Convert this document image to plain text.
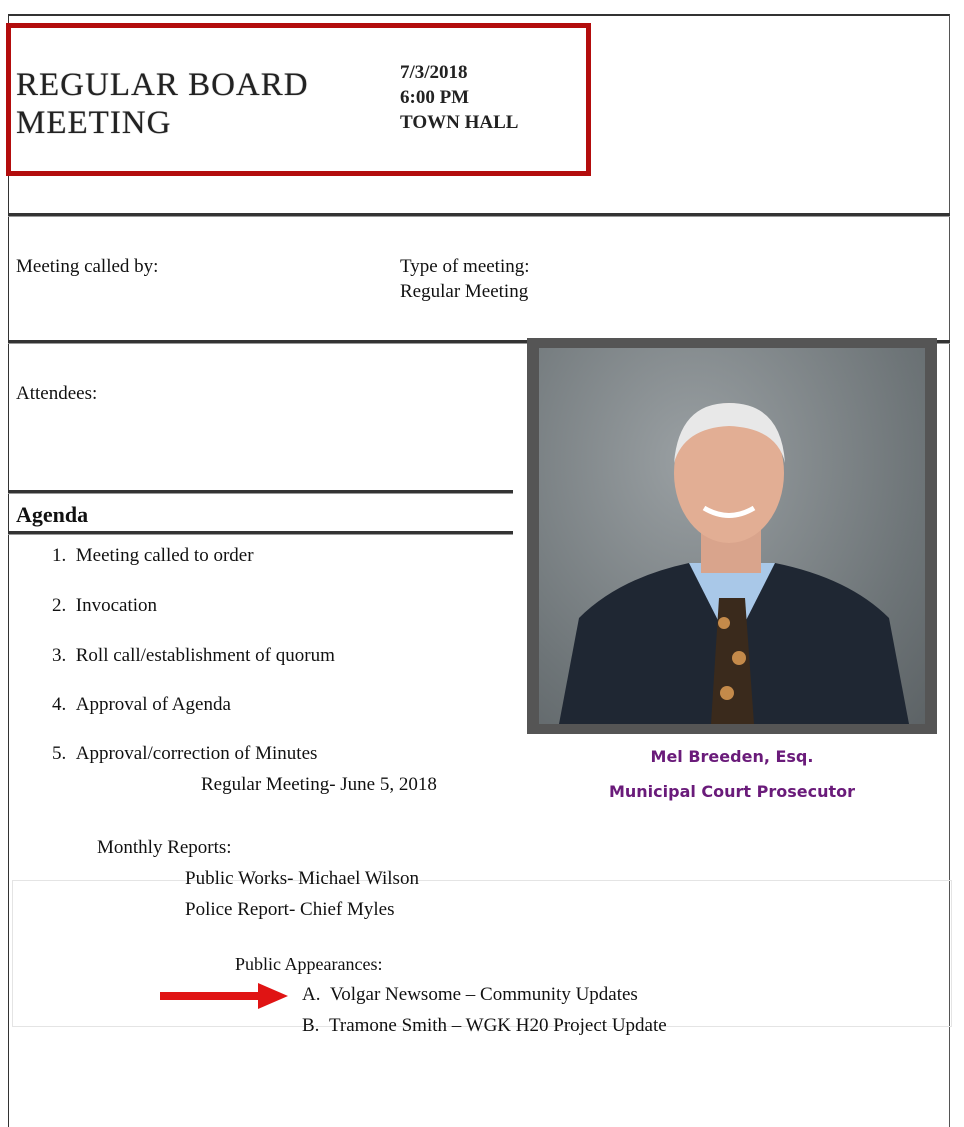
REGULAR BOARD
MEETING
7/3/2018
6:00 PM
TOWN HALL
Meeting called by:	Type of meeting:
Regular Meeting
Attendees:
Agenda
1.  Meeting called to order
2.  Invocation
3.  Roll call/establishment of quorum
4.  Approval of Agenda
5.  Approval/correction of Minutes
Regular Meeting- June 5, 2018
Monthly Reports:
Public Works- Michael Wilson
Police Report- Chief Myles
Public Appearances:
A. Volgar Newsome – Community Updates
B. Tramone Smith – WGK H20 Project Update
Mel Breeden, Esq.
Municipal Court Prosecutor
